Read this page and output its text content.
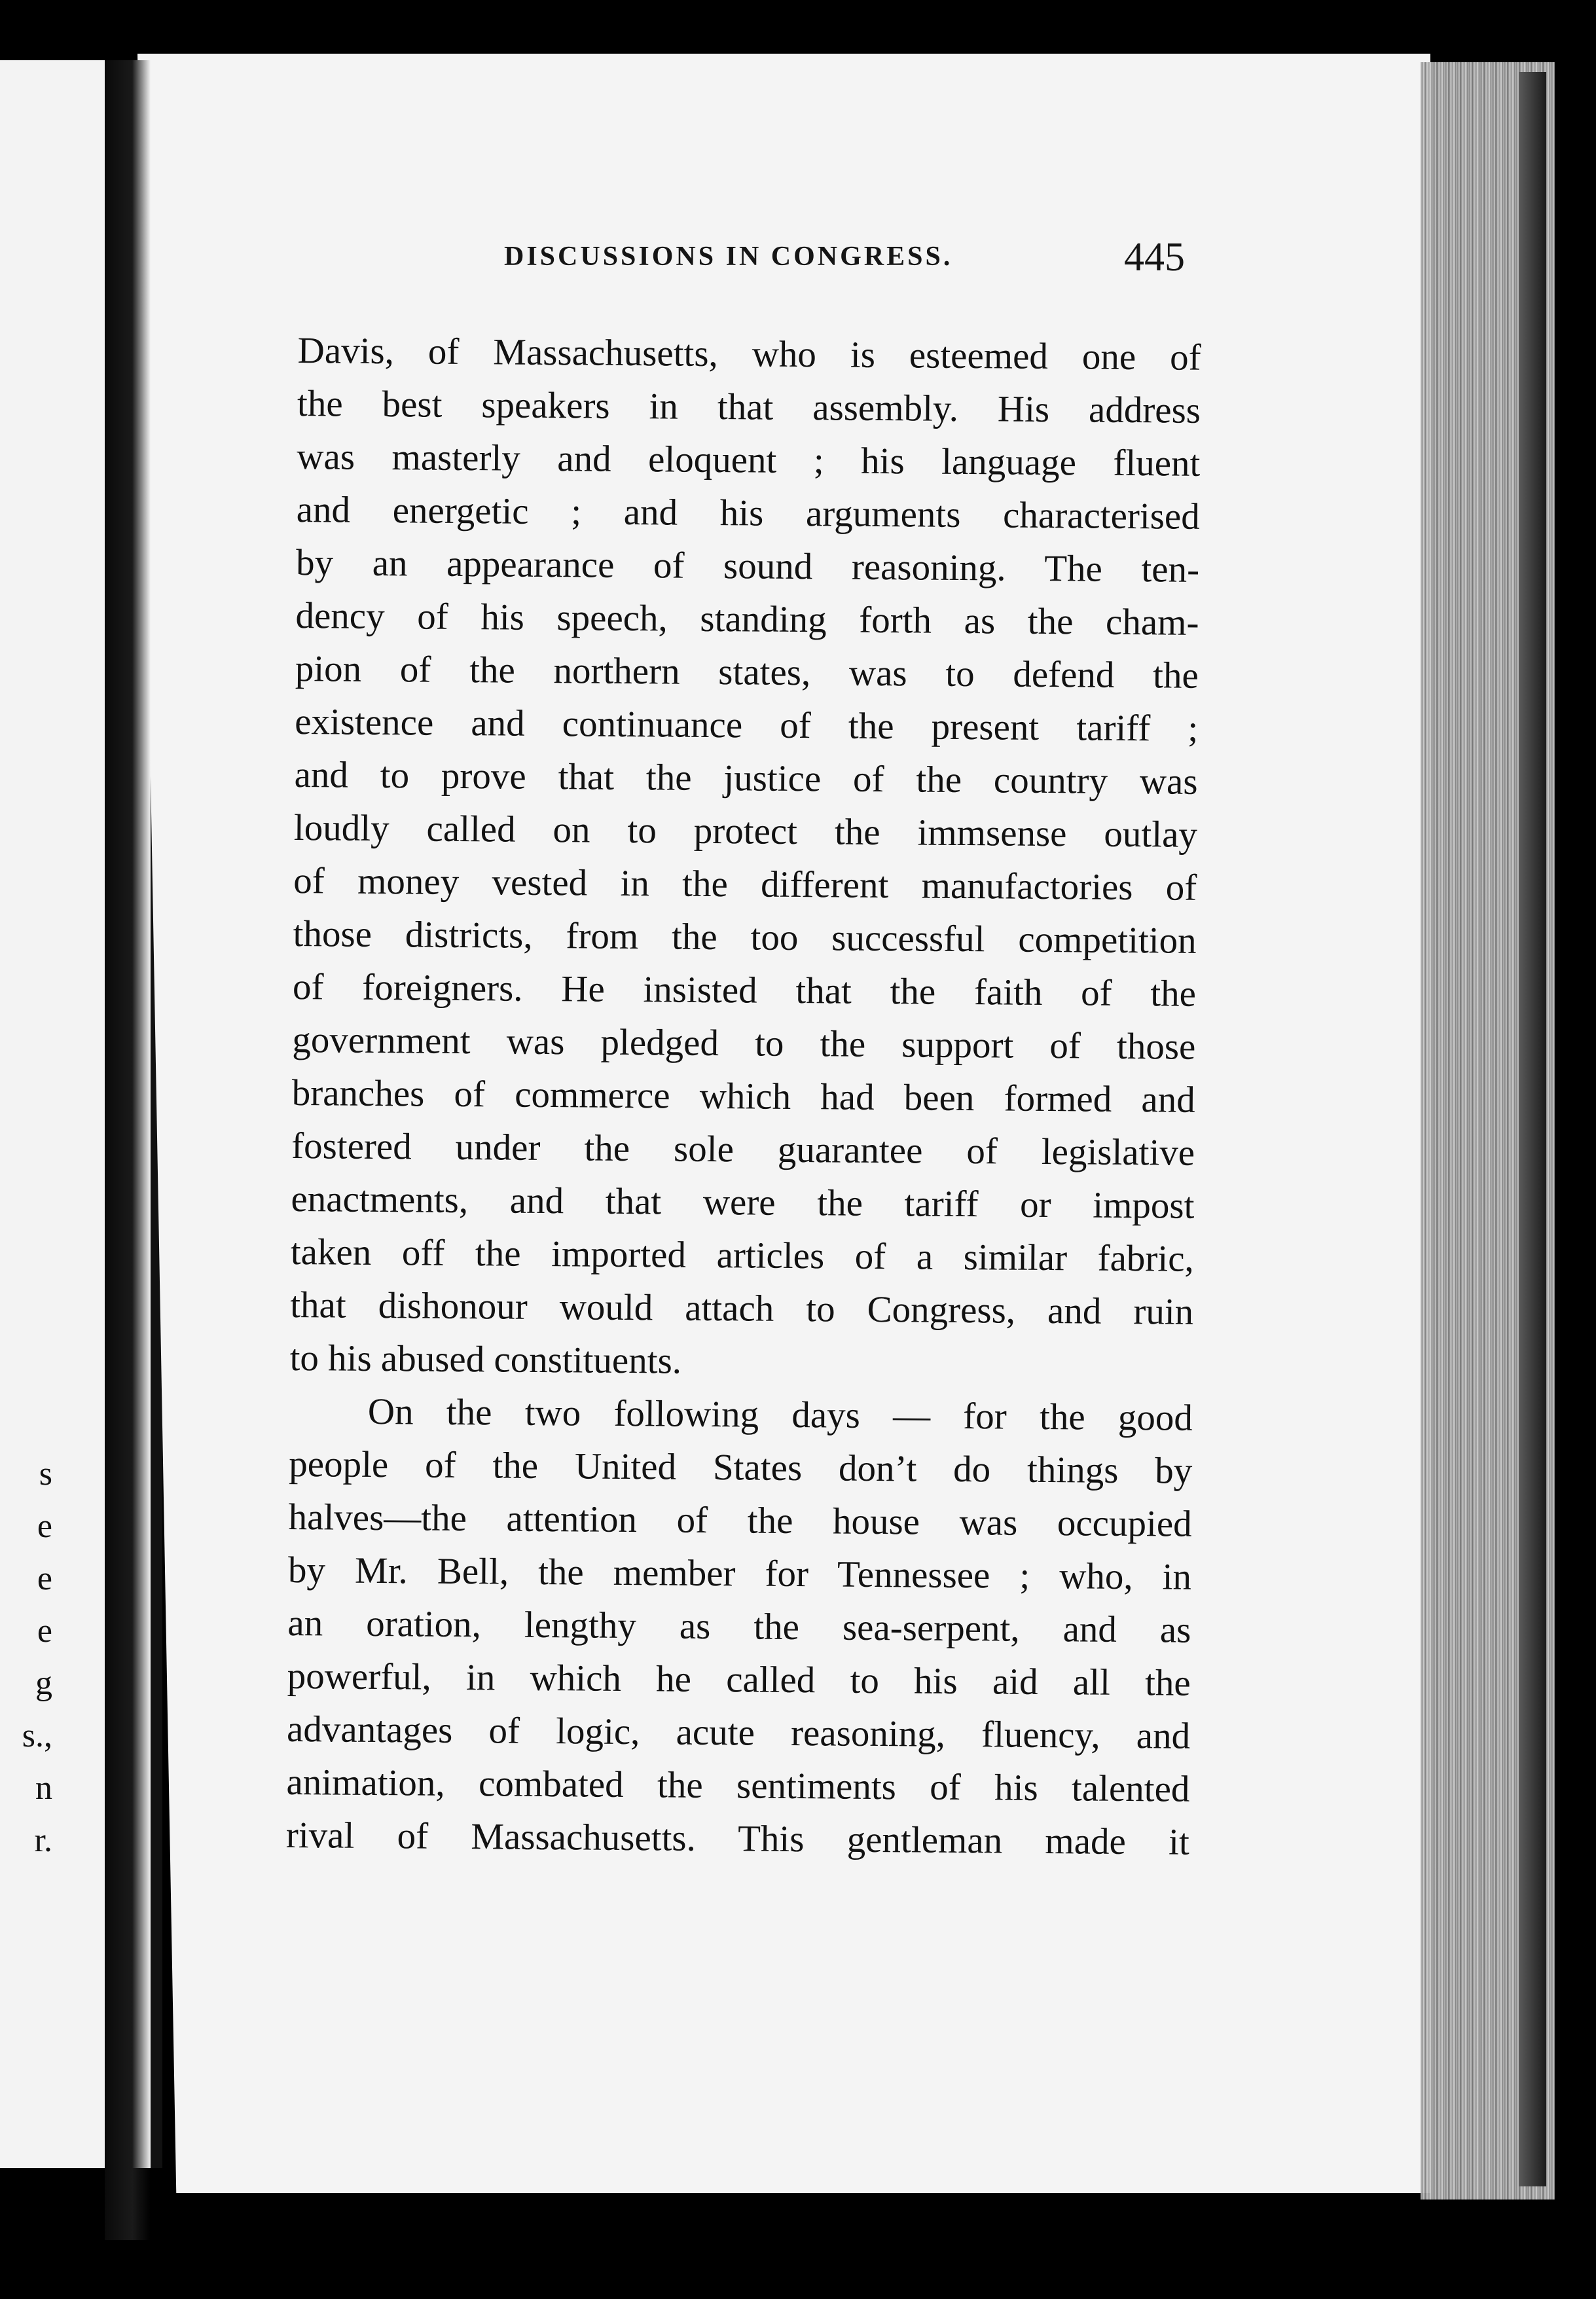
s
e
e
e
g
s.,
n
r.
DISCUSSIONS IN CONGRESS.	445
Davis, of Massachusetts, who is esteemed one of
the best speakers in that assembly. His address
was masterly and eloquent ; his language fluent
and energetic ; and his arguments characterised
by an appearance of sound reasoning. The ten-
dency of his speech, standing forth as the cham-
pion of the northern states, was to defend the
existence and continuance of the present tariff ;
and to prove that the justice of the country was
loudly called on to protect the immsense outlay
of money vested in the different manufactories of
those districts, from the too successful competition
of foreigners. He insisted that the faith of the
government was pledged to the support of those
branches of commerce which had been formed and
fostered under the sole guarantee of legislative
enactments, and that were the tariff or impost
taken off the imported articles of a similar fabric,
that dishonour would attach to Congress, and ruin
to his abused constituents.
On the two following days — for the good
people of the United States don’t do things by
halves—the attention of the house was occupied
by Mr. Bell, the member for Tennessee ; who, in
an oration, lengthy as the sea-serpent, and as
powerful, in which he called to his aid all the
advantages of logic, acute reasoning, fluency, and
animation, combated the sentiments of his talented
rival of Massachusetts. This gentleman made it
